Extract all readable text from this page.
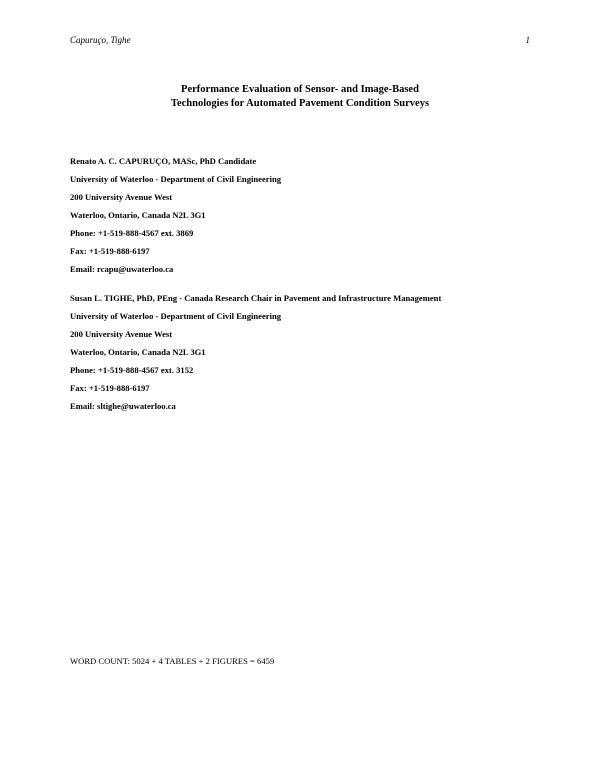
Capuruço, Tighe	1
Performance Evaluation of Sensor- and Image-Based
Technologies for Automated Pavement Condition Surveys
Renato A. C. CAPURUÇO, MASc, PhD Candidate
University of Waterloo - Department of Civil Engineering
200 University Avenue West
Waterloo, Ontario, Canada N2L 3G1
Phone: +1-519-888-4567 ext. 3869
Fax: +1-519-888-6197
Email: rcapu@uwaterloo.ca
Susan L. TIGHE, PhD, PEng - Canada Research Chair in Pavement and Infrastructure Management
University of Waterloo - Department of Civil Engineering
200 University Avenue West
Waterloo, Ontario, Canada N2L 3G1
Phone: +1-519-888-4567 ext. 3152
Fax: +1-519-888-6197
Email: sltighe@uwaterloo.ca
WORD COUNT: 5024 + 4 TABLES + 2 FIGURES = 6459
